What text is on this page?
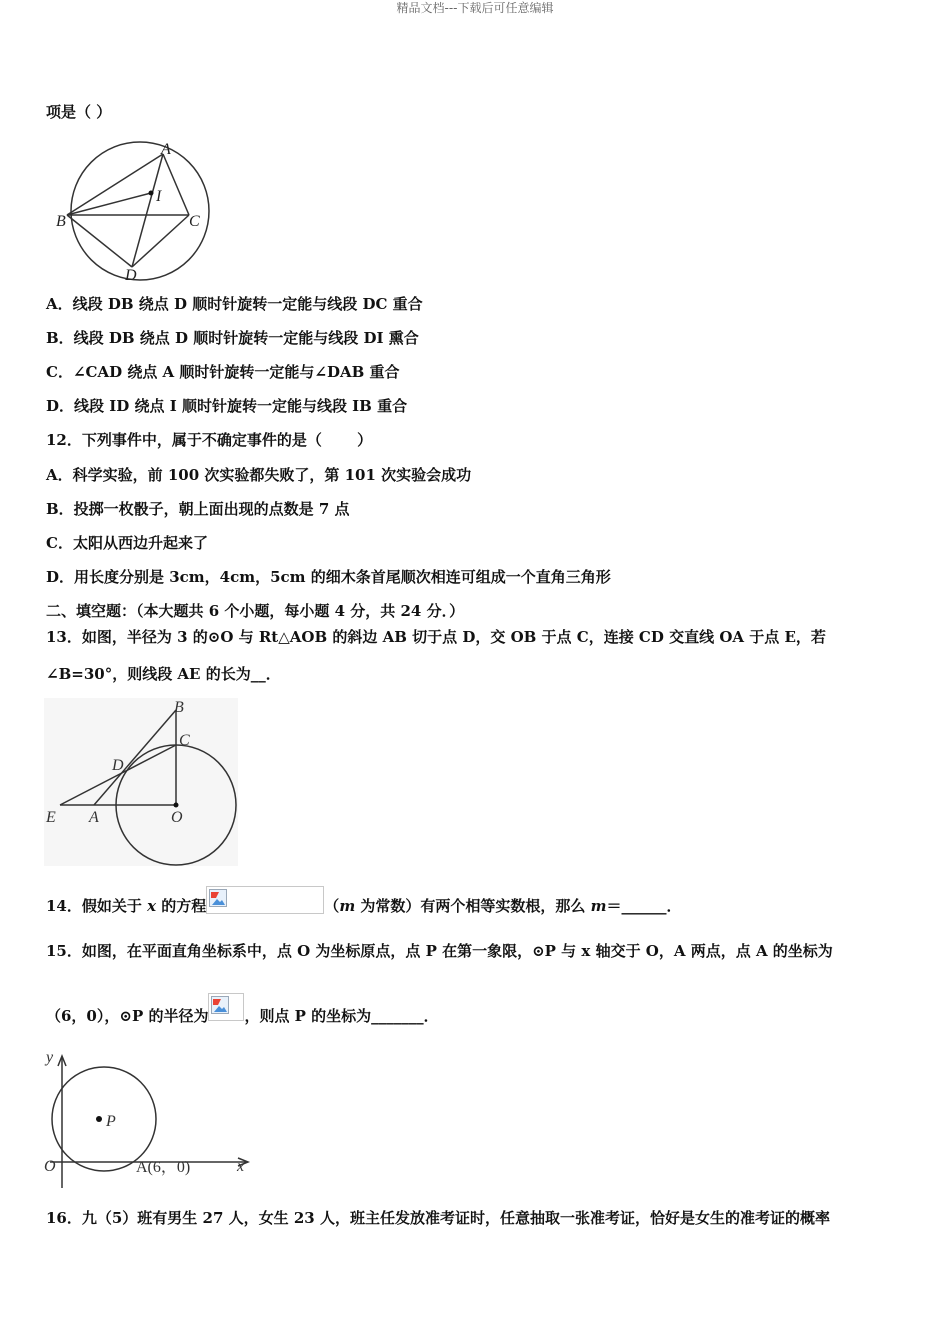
精品文档---下载后可任意编辑
项是（ ）
A
I
B	C
D
A．线段 DB 绕点 D 顺时针旋转一定能与线段 DC 重合
B．线段 DB 绕点 D 顺时针旋转一定能与线段 DI 熏合
C．∠CAD 绕点 A 顺时针旋转一定能与∠DAB 重合
D．线段 ID 绕点 I 顺时针旋转一定能与线段 IB 重合
12．下列事件中，属于不确定事件的是（　　 ）
A．科学实验，前 100 次实验都失败了，第 101 次实验会成功
B．投掷一枚骰子，朝上面出现的点数是 7 点
C．太阳从西边升起来了
D．用长度分别是 3cm，4cm，5cm 的细木条首尾顺次相连可组成一个直角三角形
二、填空题：（本大题共 6 个小题，每小题 4 分，共 24 分．）
13．如图，半径为 3 的⊙O 与 Rt△AOB 的斜边 AB 切于点 D，交 OB 于点 C，连接 CD 交直线 OA 于点 E，若
∠B=30°，则线段 AE 的长为__．
B
C
D
E A	O
14．假如关于 x 的方程	（m 为常数）有两个相等实数根，那么 m＝______．
15．如图，在平面直角坐标系中，点 O 为坐标原点，点 P 在第一象限，⊙P 与 x 轴交于 O，A 两点，点 A 的坐标为
（6，0），⊙P 的半径为 ，则点 P 的坐标为_______．
y
x
O
P
A(6，0)
16．九（5）班有男生 27 人，女生 23 人，班主任发放准考证时，任意抽取一张准考证，恰好是女生的准考证的概率
